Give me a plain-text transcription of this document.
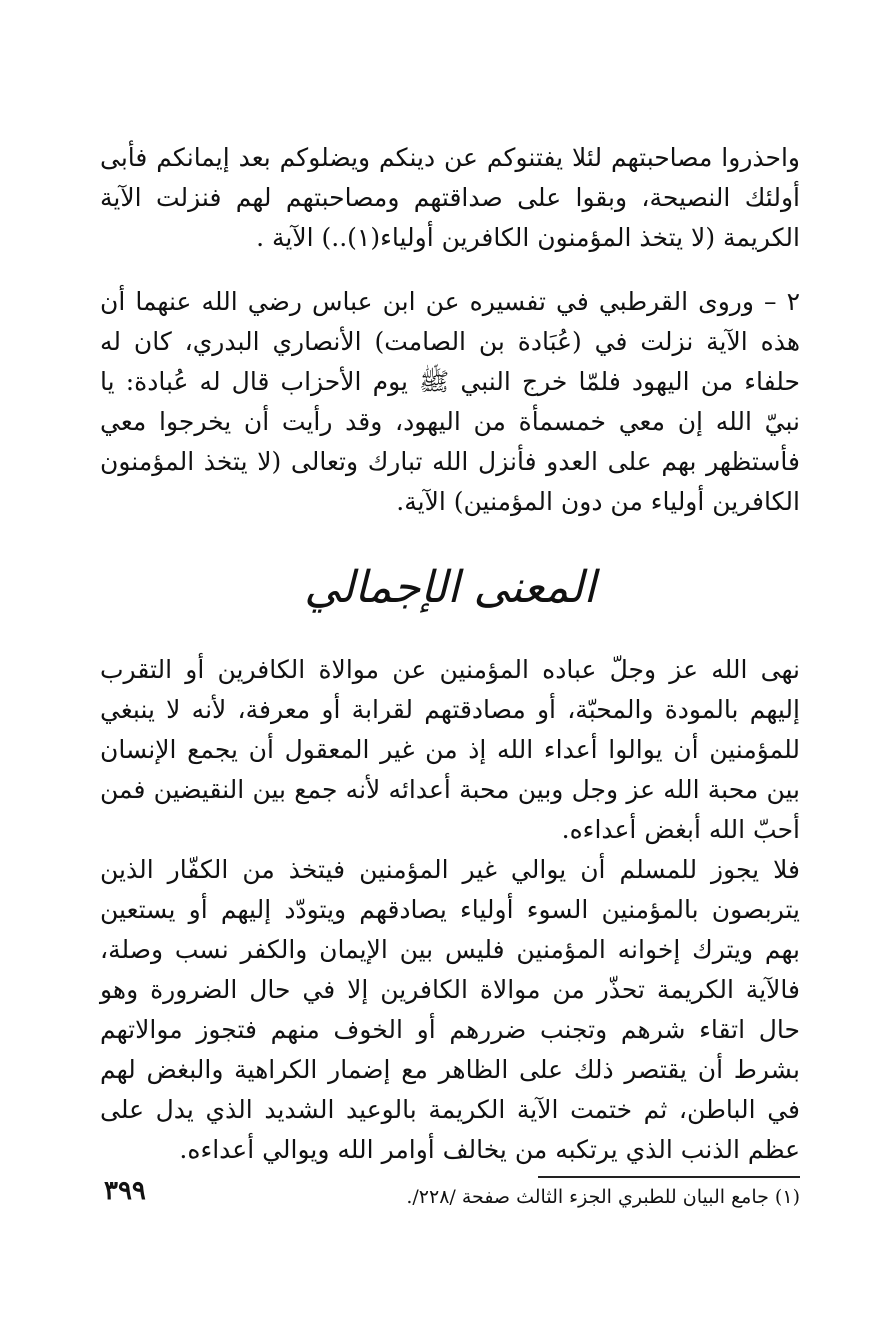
واحذروا مصاحبتهم لئلا يفتنوكم عن دينكم ويضلوكم بعد إيمانكم فأبى أولئك النصيحة، وبقوا على صداقتهم ومصاحبتهم لهم فنزلت الآية الكريمة (لا يتخذ المؤمنون الكافرين أولياء(١)..) الآية .

٢ – وروى القرطبي في تفسيره عن ابن عباس رضي الله عنهما أن هذه الآية نزلت في (عُبَادة بن الصامت) الأنصاري البدري، كان له حلفاء من اليهود فلمّا خرج النبي ﷺ يوم الأحزاب قال له عُبادة: يا نبيّ الله إن معي خمسمأة من اليهود، وقد رأيت أن يخرجوا معي فأستظهر بهم على العدو فأنزل الله تبارك وتعالى (لا يتخذ المؤمنون الكافرين أولياء من دون المؤمنين) الآية.

المعنى الإجمالي

نهى الله عز وجلّ عباده المؤمنين عن موالاة الكافرين أو التقرب إليهم بالمودة والمحبّة، أو مصادقتهم لقرابة أو معرفة، لأنه لا ينبغي للمؤمنين أن يوالوا أعداء الله إذ من غير المعقول أن يجمع الإنسان بين محبة الله عز وجل وبين محبة أعدائه لأنه جمع بين النقيضين فمن أحبّ الله أبغض أعداءه.

فلا يجوز للمسلم أن يوالي غير المؤمنين فيتخذ من الكفّار الذين يتربصون بالمؤمنين السوء أولياء يصادقهم ويتودّد إليهم أو يستعين بهم ويترك إخوانه المؤمنين فليس بين الإيمان والكفر نسب وصلة، فالآية الكريمة تحذّر من موالاة الكافرين إلا في حال الضرورة وهو حال اتقاء شرهم وتجنب ضررهم أو الخوف منهم فتجوز موالاتهم بشرط أن يقتصر ذلك على الظاهر مع إضمار الكراهية والبغض لهم في الباطن، ثم ختمت الآية الكريمة بالوعيد الشديد الذي يدل على عظم الذنب الذي يرتكبه من يخالف أوامر الله ويوالي أعداءه.

(١) جامع البيان للطبري الجزء الثالث صفحة /٢٢٨/.
٣٩٩
